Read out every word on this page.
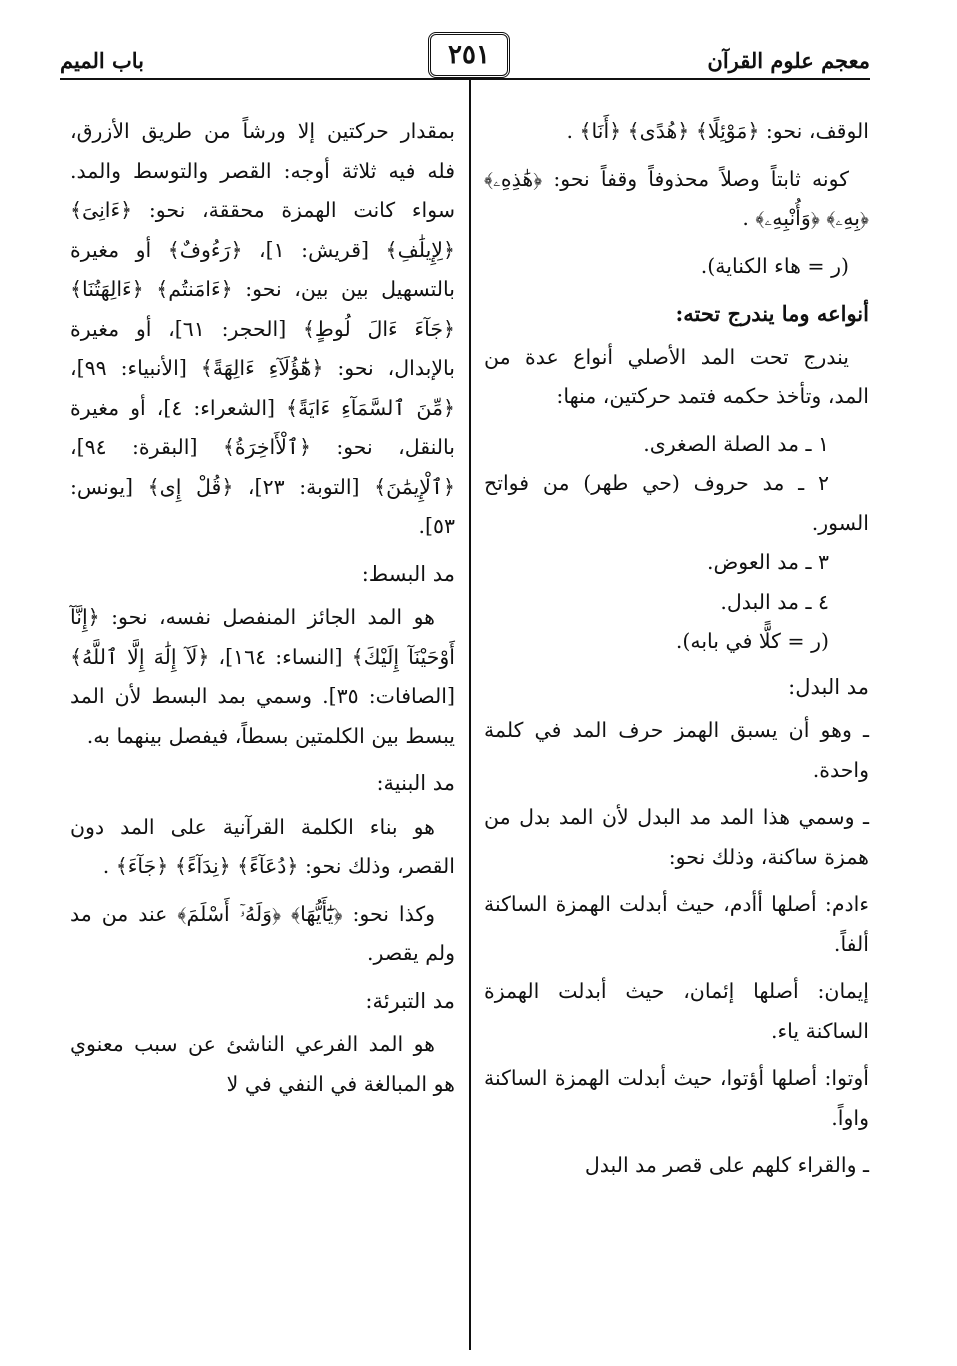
معجم علوم القرآن
٢٥١
باب الميم

الوقف، نحو: ﴿مَوْئِلًا﴾ ﴿هُدًى﴾ ﴿أَنَا﴾ .

كونه ثابتاً وصلاً محذوفاً وقفاً نحو: ﴿هَٰذِهِۦ﴾ ﴿بِهِۦ﴾ ﴿وَأُنْبِهِۦ﴾ .

(ر = هاء الكناية).

أنواعه وما يندرج تحته:

يندرج تحت المد الأصلي أنواع عدة من المد، وتأخذ حكمه فتمد حركتين، منها:

١ ـ مد الصلة الصغرى.

٢ ـ مد حروف (حي طهر) من فواتح السور.

٣ ـ مد العوض.

٤ ـ مد البدل.

(ر = كلًّا في بابه).

مد البدل:

ـ وهو أن يسبق الهمز حرف المد في كلمة واحدة.

ـ وسمي هذا المد مد البدل لأن المد بدل من همزة ساكنة، وذلك نحو:

ءادم: أصلها أأدم، حيث أبدلت الهمزة الساكنة ألفاً.

إيمان: أصلها إئمان، حيث أبدلت الهمزة الساكنة ياء.

أوتوا: أصلها أؤتوا، حيث أبدلت الهمزة الساكنة واواً.

ـ والقراء كلهم على قصر مد البدل

بمقدار حركتين إلا ورشاً من طريق الأزرق، فله فيه ثلاثة أوجه: القصر والتوسط والمد. سواء كانت الهمزة محققة، نحو: ﴿ءَانِىَ﴾ ﴿لِإِيلَٰفِ﴾ [قريش: ١]، ﴿رَءُوفٌ﴾ أو مغيرة بالتسهيل بين بين، نحو: ﴿ءَامَنتُم﴾ ﴿ءَالِهَتُنَا﴾ ﴿جَآءَ ءَالَ لُوطٍ﴾ [الحجر: ٦١]، أو مغيرة بالإبدال، نحو: ﴿هَٰٓؤُلَآءِ ءَالِهَةً﴾ [الأنبياء: ٩٩]، ﴿مِّنَ ٱلسَّمَآءِ ءَايَةً﴾ [الشعراء: ٤]، أو مغيرة بالنقل، نحو: ﴿ٱلْأَاخِرَةُ﴾ [البقرة: ٩٤]، ﴿ٱلْإِيمَٰنَ﴾ [التوبة: ٢٣]، ﴿قُلْ إِى﴾ [يونس: ٥٣].

مد البسط:

هو المد الجائز المنفصل نفسه، نحو: ﴿إِنَّآ أَوْحَيْنَآ إِلَيْكَ﴾ [النساء: ١٦٤]، ﴿لَآ إِلَٰهَ إِلَّا ٱللَّهُ﴾ [الصافات: ٣٥]. وسمي بمد البسط لأن المد يبسط بين الكلمتين بسطاً، فيفصل بينهما به.

مد البنية:

هو بناء الكلمة القرآنية على المد دون القصر، وذلك نحو: ﴿دُعَآءً﴾ ﴿نِدَآءً﴾ ﴿جَآءَ﴾ .

وكذا نحو: ﴿يَٰٓأَيُّهَا﴾ ﴿وَلَهُۥٓ أَسْلَمَ﴾ عند من مد ولم يقصر.

مد التبرئة:

هو المد الفرعي الناشئ عن سبب معنوي هو المبالغة في النفي في لا
